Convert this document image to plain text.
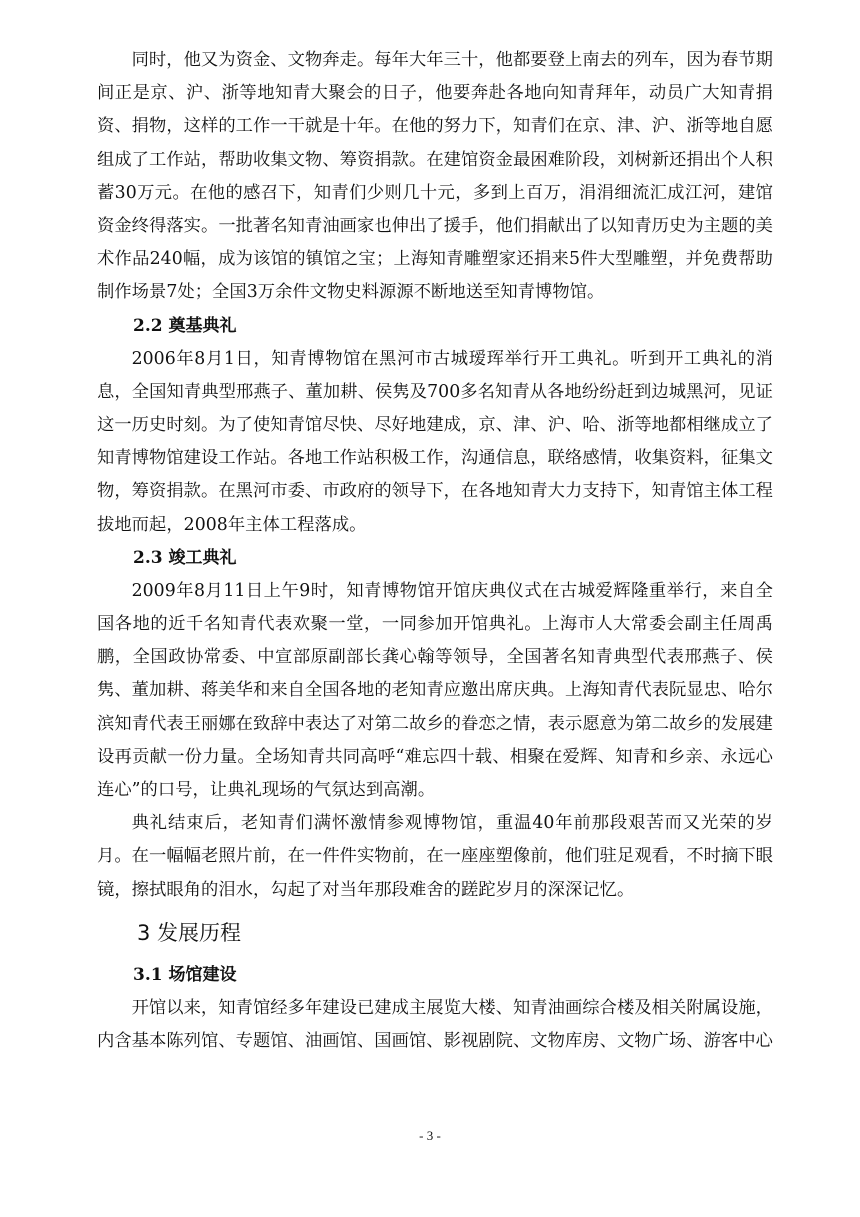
同时，他又为资金、文物奔走。每年大年三十，他都要登上南去的列车，因为春节期间正是京、沪、浙等地知青大聚会的日子，他要奔赴各地向知青拜年，动员广大知青捐资、捐物，这样的工作一干就是十年。在他的努力下，知青们在京、津、沪、浙等地自愿组成了工作站，帮助收集文物、筹资捐款。在建馆资金最困难阶段，刘树新还捐出个人积蓄30万元。在他的感召下，知青们少则几十元，多到上百万，涓涓细流汇成江河，建馆资金终得落实。一批著名知青油画家也伸出了援手，他们捐献出了以知青历史为主题的美术作品240幅，成为该馆的镇馆之宝；上海知青雕塑家还捐来5件大型雕塑，并免费帮助制作场景7处；全国3万余件文物史料源源不断地送至知青博物馆。

2.2 奠基典礼

2006年8月1日，知青博物馆在黑河市古城瑷珲举行开工典礼。听到开工典礼的消息，全国知青典型邢燕子、董加耕、侯隽及700多名知青从各地纷纷赶到边城黑河，见证这一历史时刻。为了使知青馆尽快、尽好地建成，京、津、沪、哈、浙等地都相继成立了知青博物馆建设工作站。各地工作站积极工作，沟通信息，联络感情，收集资料，征集文物，筹资捐款。在黑河市委、市政府的领导下，在各地知青大力支持下，知青馆主体工程拔地而起，2008年主体工程落成。

2.3 竣工典礼

2009年8月11日上午9时，知青博物馆开馆庆典仪式在古城爱辉隆重举行，来自全国各地的近千名知青代表欢聚一堂，一同参加开馆典礼。上海市人大常委会副主任周禹鹏，全国政协常委、中宣部原副部长龚心翰等领导，全国著名知青典型代表邢燕子、侯隽、董加耕、蒋美华和来自全国各地的老知青应邀出席庆典。上海知青代表阮显忠、哈尔滨知青代表王丽娜在致辞中表达了对第二故乡的眷恋之情，表示愿意为第二故乡的发展建设再贡献一份力量。全场知青共同高呼“难忘四十载、相聚在爱辉、知青和乡亲、永远心连心”的口号，让典礼现场的气氛达到高潮。

典礼结束后，老知青们满怀激情参观博物馆，重温40年前那段艰苦而又光荣的岁月。在一幅幅老照片前，在一件件实物前，在一座座塑像前，他们驻足观看，不时摘下眼镜，擦拭眼角的泪水，勾起了对当年那段难舍的蹉跎岁月的深深记忆。

3 发展历程
3.1 场馆建设

开馆以来，知青馆经多年建设已建成主展览大楼、知青油画综合楼及相关附属设施，内含基本陈列馆、专题馆、油画馆、国画馆、影视剧院、文物库房、文物广场、游客中心

- 3 -
